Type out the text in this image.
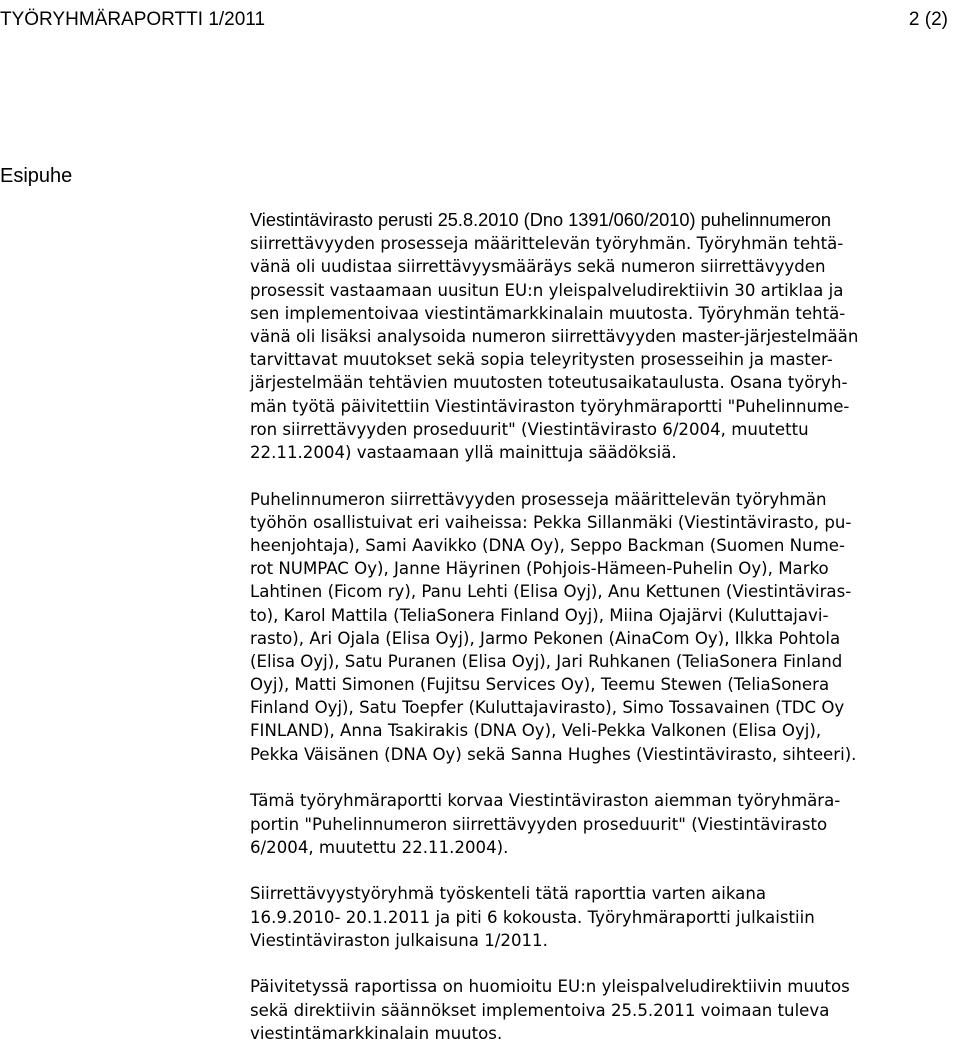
TYÖRYHMÄRAPORTTI 1/2011	2 (2)
Esipuhe
Viestintävirasto perusti 25.8.2010 (Dno 1391/060/2010) puhelinnumeron
siirrettävyyden prosesseja määrittelevän työryhmän. Työryhmän tehtä-
vänä oli uudistaa siirrettävyysmääräys sekä numeron siirrettävyyden
prosessit vastaamaan uusitun EU:n yleispalveludirektiivin 30 artiklaa ja
sen implementoivaa viestintämarkkinalain muutosta. Työryhmän tehtä-
vänä oli lisäksi analysoida numeron siirrettävyyden master-järjestelmään
tarvittavat muutokset sekä sopia teleyritysten prosesseihin ja master-
järjestelmään tehtävien muutosten toteutusaikataulusta. Osana työryh-
män työtä päivitettiin Viestintäviraston työryhmäraportti "Puhelinnume-
ron siirrettävyyden proseduurit" (Viestintävirasto 6/2004, muutettu
22.11.2004) vastaamaan yllä mainittuja säädöksiä.
Puhelinnumeron siirrettävyyden prosesseja määrittelevän työryhmän
työhön osallistuivat eri vaiheissa: Pekka Sillanmäki (Viestintävirasto, pu-
heenjohtaja), Sami Aavikko (DNA Oy), Seppo Backman (Suomen Nume-
rot NUMPAC Oy), Janne Häyrinen (Pohjois-Hämeen-Puhelin Oy), Marko
Lahtinen (Ficom ry), Panu Lehti (Elisa Oyj), Anu Kettunen (Viestintäviras-
to), Karol Mattila (TeliaSonera Finland Oyj), Miina Ojajärvi (Kuluttajavi-
rasto), Ari Ojala (Elisa Oyj), Jarmo Pekonen (AinaCom Oy), Ilkka Pohtola
(Elisa Oyj), Satu Puranen (Elisa Oyj), Jari Ruhkanen (TeliaSonera Finland
Oyj), Matti Simonen (Fujitsu Services Oy), Teemu Stewen (TeliaSonera
Finland Oyj), Satu Toepfer (Kuluttajavirasto), Simo Tossavainen (TDC Oy
FINLAND), Anna Tsakirakis (DNA Oy), Veli-Pekka Valkonen (Elisa Oyj),
Pekka Väisänen (DNA Oy) sekä Sanna Hughes (Viestintävirasto, sihteeri).
Tämä työryhmäraportti korvaa Viestintäviraston aiemman työryhmära-
portin "Puhelinnumeron siirrettävyyden proseduurit" (Viestintävirasto
6/2004, muutettu 22.11.2004).
Siirrettävyystyöryhmä työskenteli tätä raporttia varten aikana
16.9.2010- 20.1.2011 ja piti 6 kokousta. Työryhmäraportti julkaistiin
Viestintäviraston julkaisuna 1/2011.
Päivitetyssä raportissa on huomioitu EU:n yleispalveludirektiivin muutos
sekä direktiivin säännökset implementoiva 25.5.2011 voimaan tuleva
viestintämarkkinalain muutos.
